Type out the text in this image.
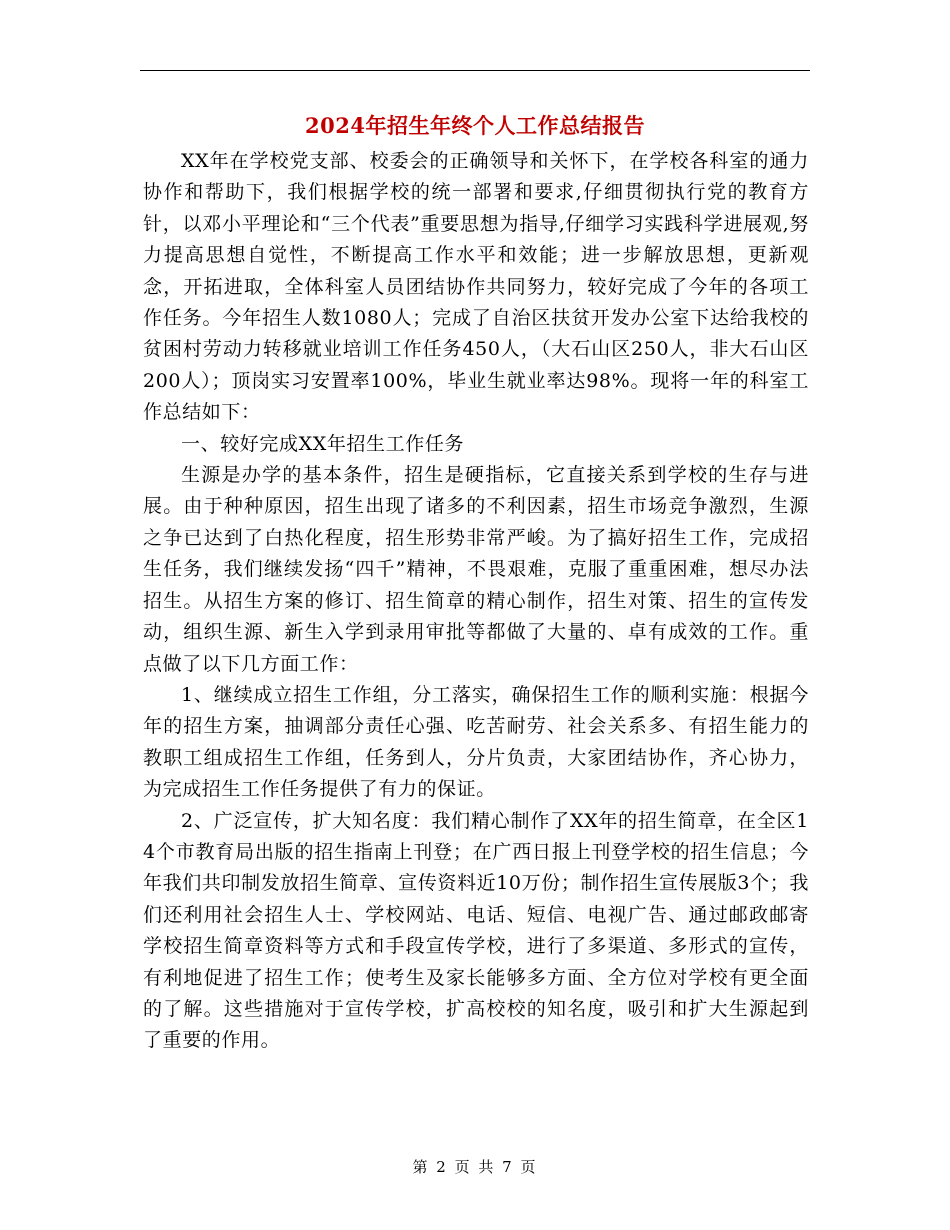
2024年招生年终个人工作总结报告

XX年在学校党支部、校委会的正确领导和关怀下，在学校各科室的通力协作和帮助下，我们根据学校的统一部署和要求,仔细贯彻执行党的教育方针，以邓小平理论和“三个代表”重要思想为指导,仔细学习实践科学进展观,努力提高思想自觉性，不断提高工作水平和效能；进一步解放思想，更新观念，开拓进取，全体科室人员团结协作共同努力，较好完成了今年的各项工作任务。今年招生人数1080人；完成了自治区扶贫开发办公室下达给我校的贫困村劳动力转移就业培训工作任务450人，（大石山区250人，非大石山区200人）；顶岗实习安置率100%，毕业生就业率达98%。现将一年的科室工作总结如下：

一、较好完成XX年招生工作任务

生源是办学的基本条件，招生是硬指标，它直接关系到学校的生存与进展。由于种种原因，招生出现了诸多的不利因素，招生市场竞争激烈，生源之争已达到了白热化程度，招生形势非常严峻。为了搞好招生工作，完成招生任务，我们继续发扬“四千”精神，不畏艰难，克服了重重困难，想尽办法招生。从招生方案的修订、招生简章的精心制作，招生对策、招生的宣传发动，组织生源、新生入学到录用审批等都做了大量的、卓有成效的工作。重点做了以下几方面工作：

1、继续成立招生工作组，分工落实，确保招生工作的顺利实施：根据今年的招生方案，抽调部分责任心强、吃苦耐劳、社会关系多、有招生能力的教职工组成招生工作组，任务到人，分片负责，大家团结协作，齐心协力，为完成招生工作任务提供了有力的保证。

2、广泛宣传，扩大知名度：我们精心制作了XX年的招生简章，在全区14个市教育局出版的招生指南上刊登；在广西日报上刊登学校的招生信息；今年我们共印制发放招生简章、宣传资料近10万份；制作招生宣传展版3个；我们还利用社会招生人士、学校网站、电话、短信、电视广告、通过邮政邮寄学校招生简章资料等方式和手段宣传学校，进行了多渠道、多形式的宣传，有利地促进了招生工作；使考生及家长能够多方面、全方位对学校有更全面的了解。这些措施对于宣传学校，扩高校校的知名度，吸引和扩大生源起到了重要的作用。

第 2 页 共 7 页
